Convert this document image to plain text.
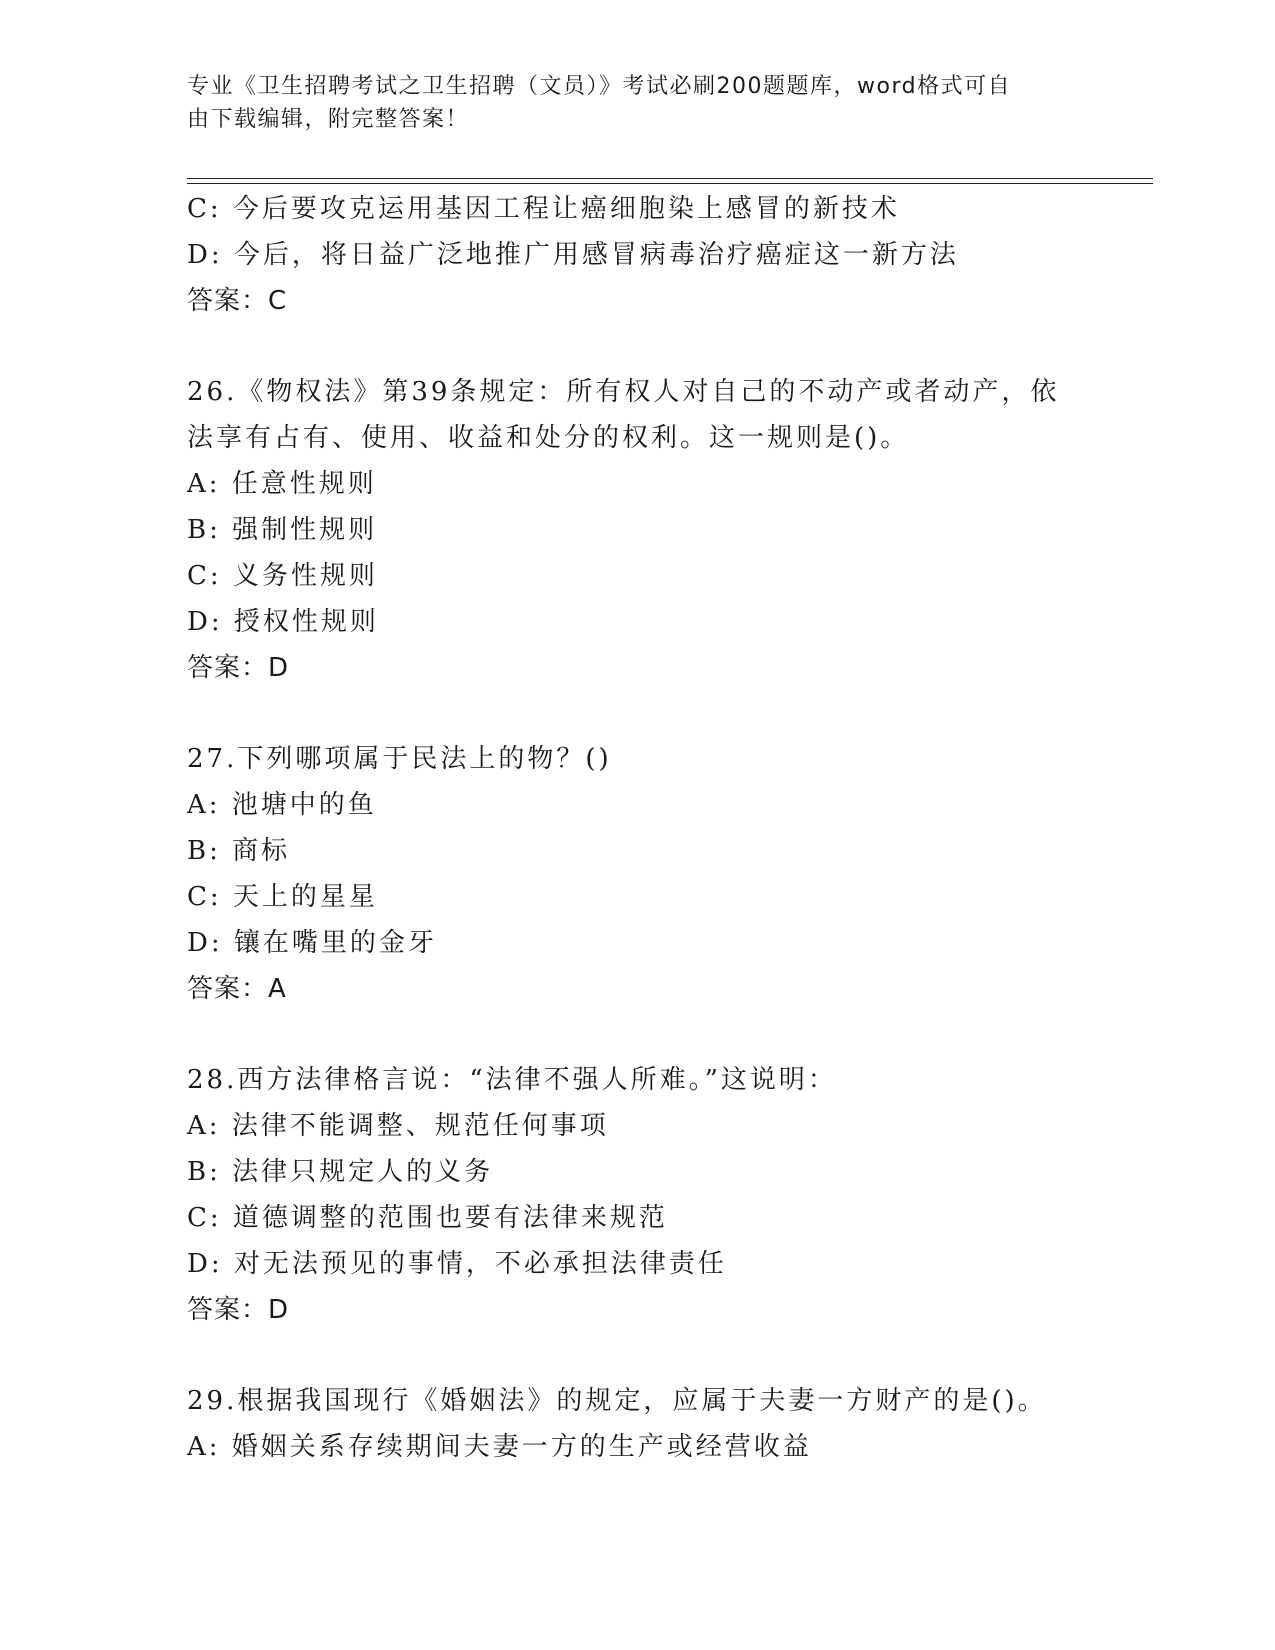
专业《卫生招聘考试之卫生招聘（文员）》考试必刷200题题库，word格式可自
由下载编辑，附完整答案！
C: 今后要攻克运用基因工程让癌细胞染上感冒的新技术
D: 今后，将日益广泛地推广用感冒病毒治疗癌症这一新方法
答案：C
26.《物权法》第39条规定：所有权人对自己的不动产或者动产，依
法享有占有、使用、收益和处分的权利。这一规则是()。
A: 任意性规则
B: 强制性规则
C: 义务性规则
D: 授权性规则
答案：D
27.下列哪项属于民法上的物？()
A: 池塘中的鱼
B: 商标
C: 天上的星星
D: 镶在嘴里的金牙
答案：A
28.西方法律格言说：“法律不强人所难。”这说明：
A: 法律不能调整、规范任何事项
B: 法律只规定人的义务
C: 道德调整的范围也要有法律来规范
D: 对无法预见的事情，不必承担法律责任
答案：D
29.根据我国现行《婚姻法》的规定，应属于夫妻一方财产的是()。
A: 婚姻关系存续期间夫妻一方的生产或经营收益
